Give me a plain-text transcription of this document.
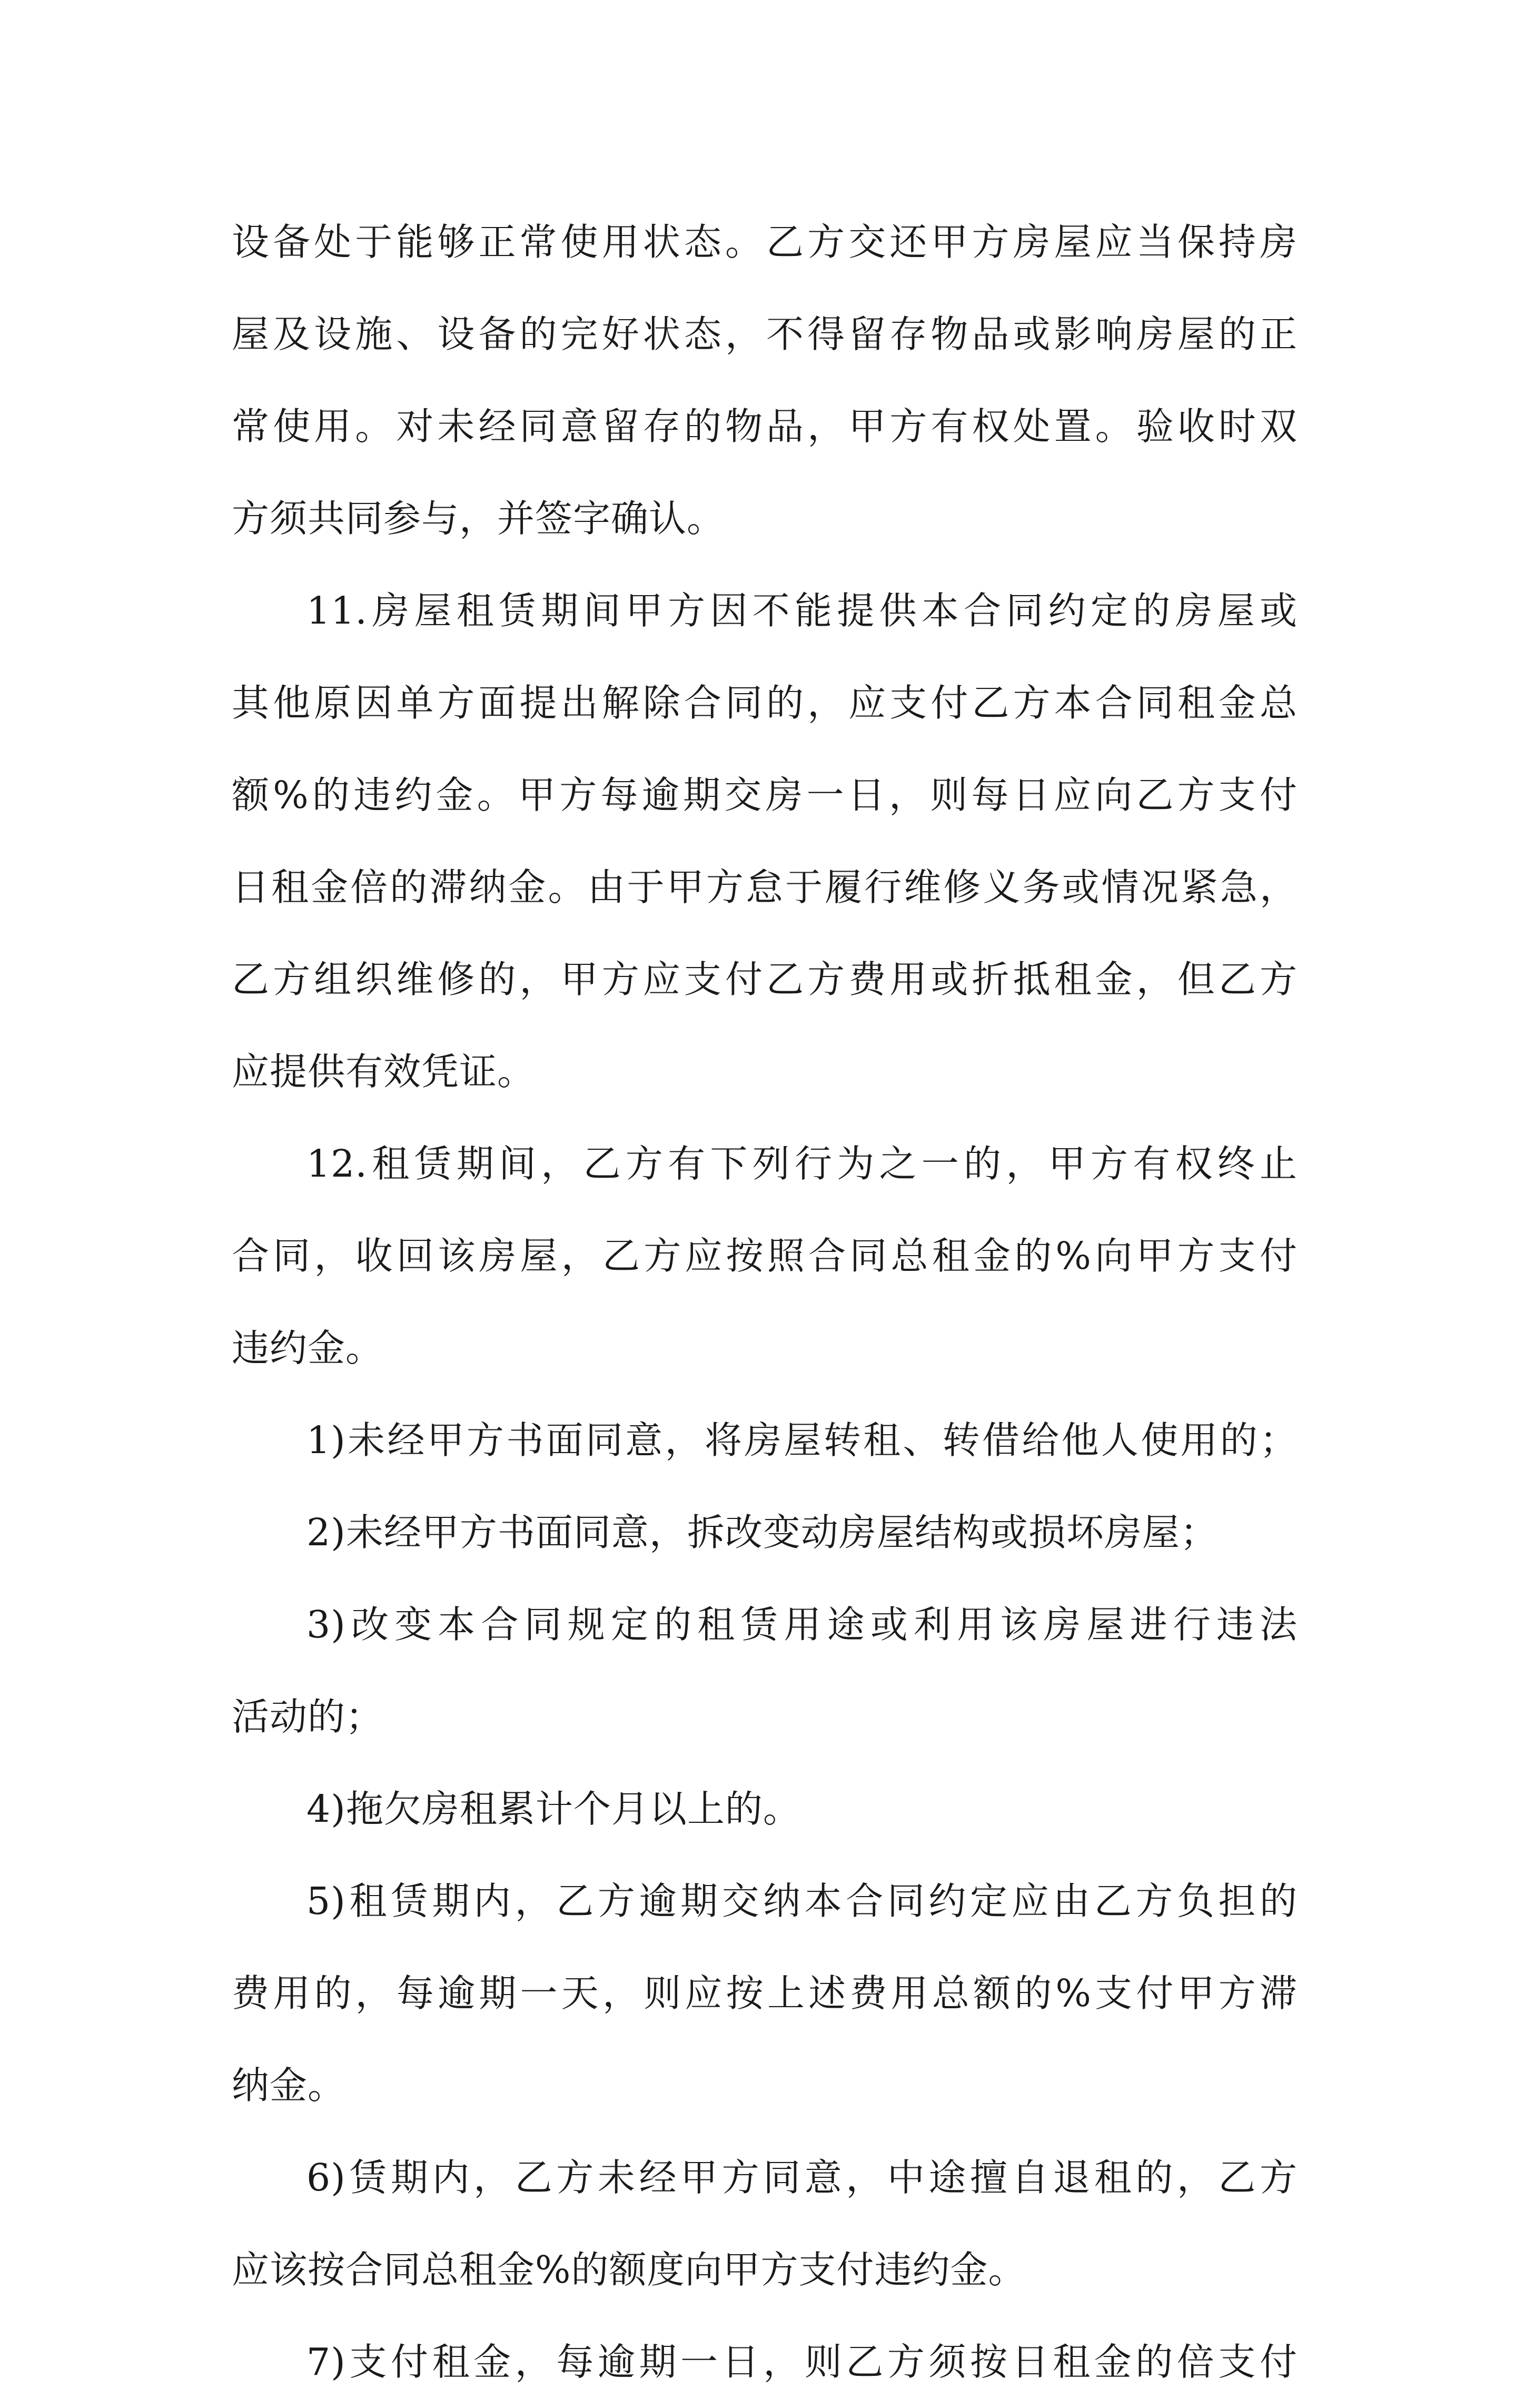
设备处于能够正常使用状态。乙方交还甲方房屋应当保持房
屋及设施、设备的完好状态，不得留存物品或影响房屋的正
常使用。对未经同意留存的物品，甲方有权处置。验收时双
方须共同参与，并签字确认。
11.房屋租赁期间甲方因不能提供本合同约定的房屋或
其他原因单方面提出解除合同的，应支付乙方本合同租金总
额%的违约金。甲方每逾期交房一日，则每日应向乙方支付
日租金倍的滞纳金。由于甲方怠于履行维修义务或情况紧急，
乙方组织维修的，甲方应支付乙方费用或折抵租金，但乙方
应提供有效凭证。
12.租赁期间，乙方有下列行为之一的，甲方有权终止
合同，收回该房屋，乙方应按照合同总租金的%向甲方支付
违约金。
1)未经甲方书面同意，将房屋转租、转借给他人使用的；
2)未经甲方书面同意，拆改变动房屋结构或损坏房屋；
3)改变本合同规定的租赁用途或利用该房屋进行违法
活动的；
4)拖欠房租累计个月以上的。
5)租赁期内，乙方逾期交纳本合同约定应由乙方负担的
费用的，每逾期一天，则应按上述费用总额的%支付甲方滞
纳金。
6)赁期内，乙方未经甲方同意，中途擅自退租的，乙方
应该按合同总租金%的额度向甲方支付违约金。
7)支付租金，每逾期一日，则乙方须按日租金的倍支付
